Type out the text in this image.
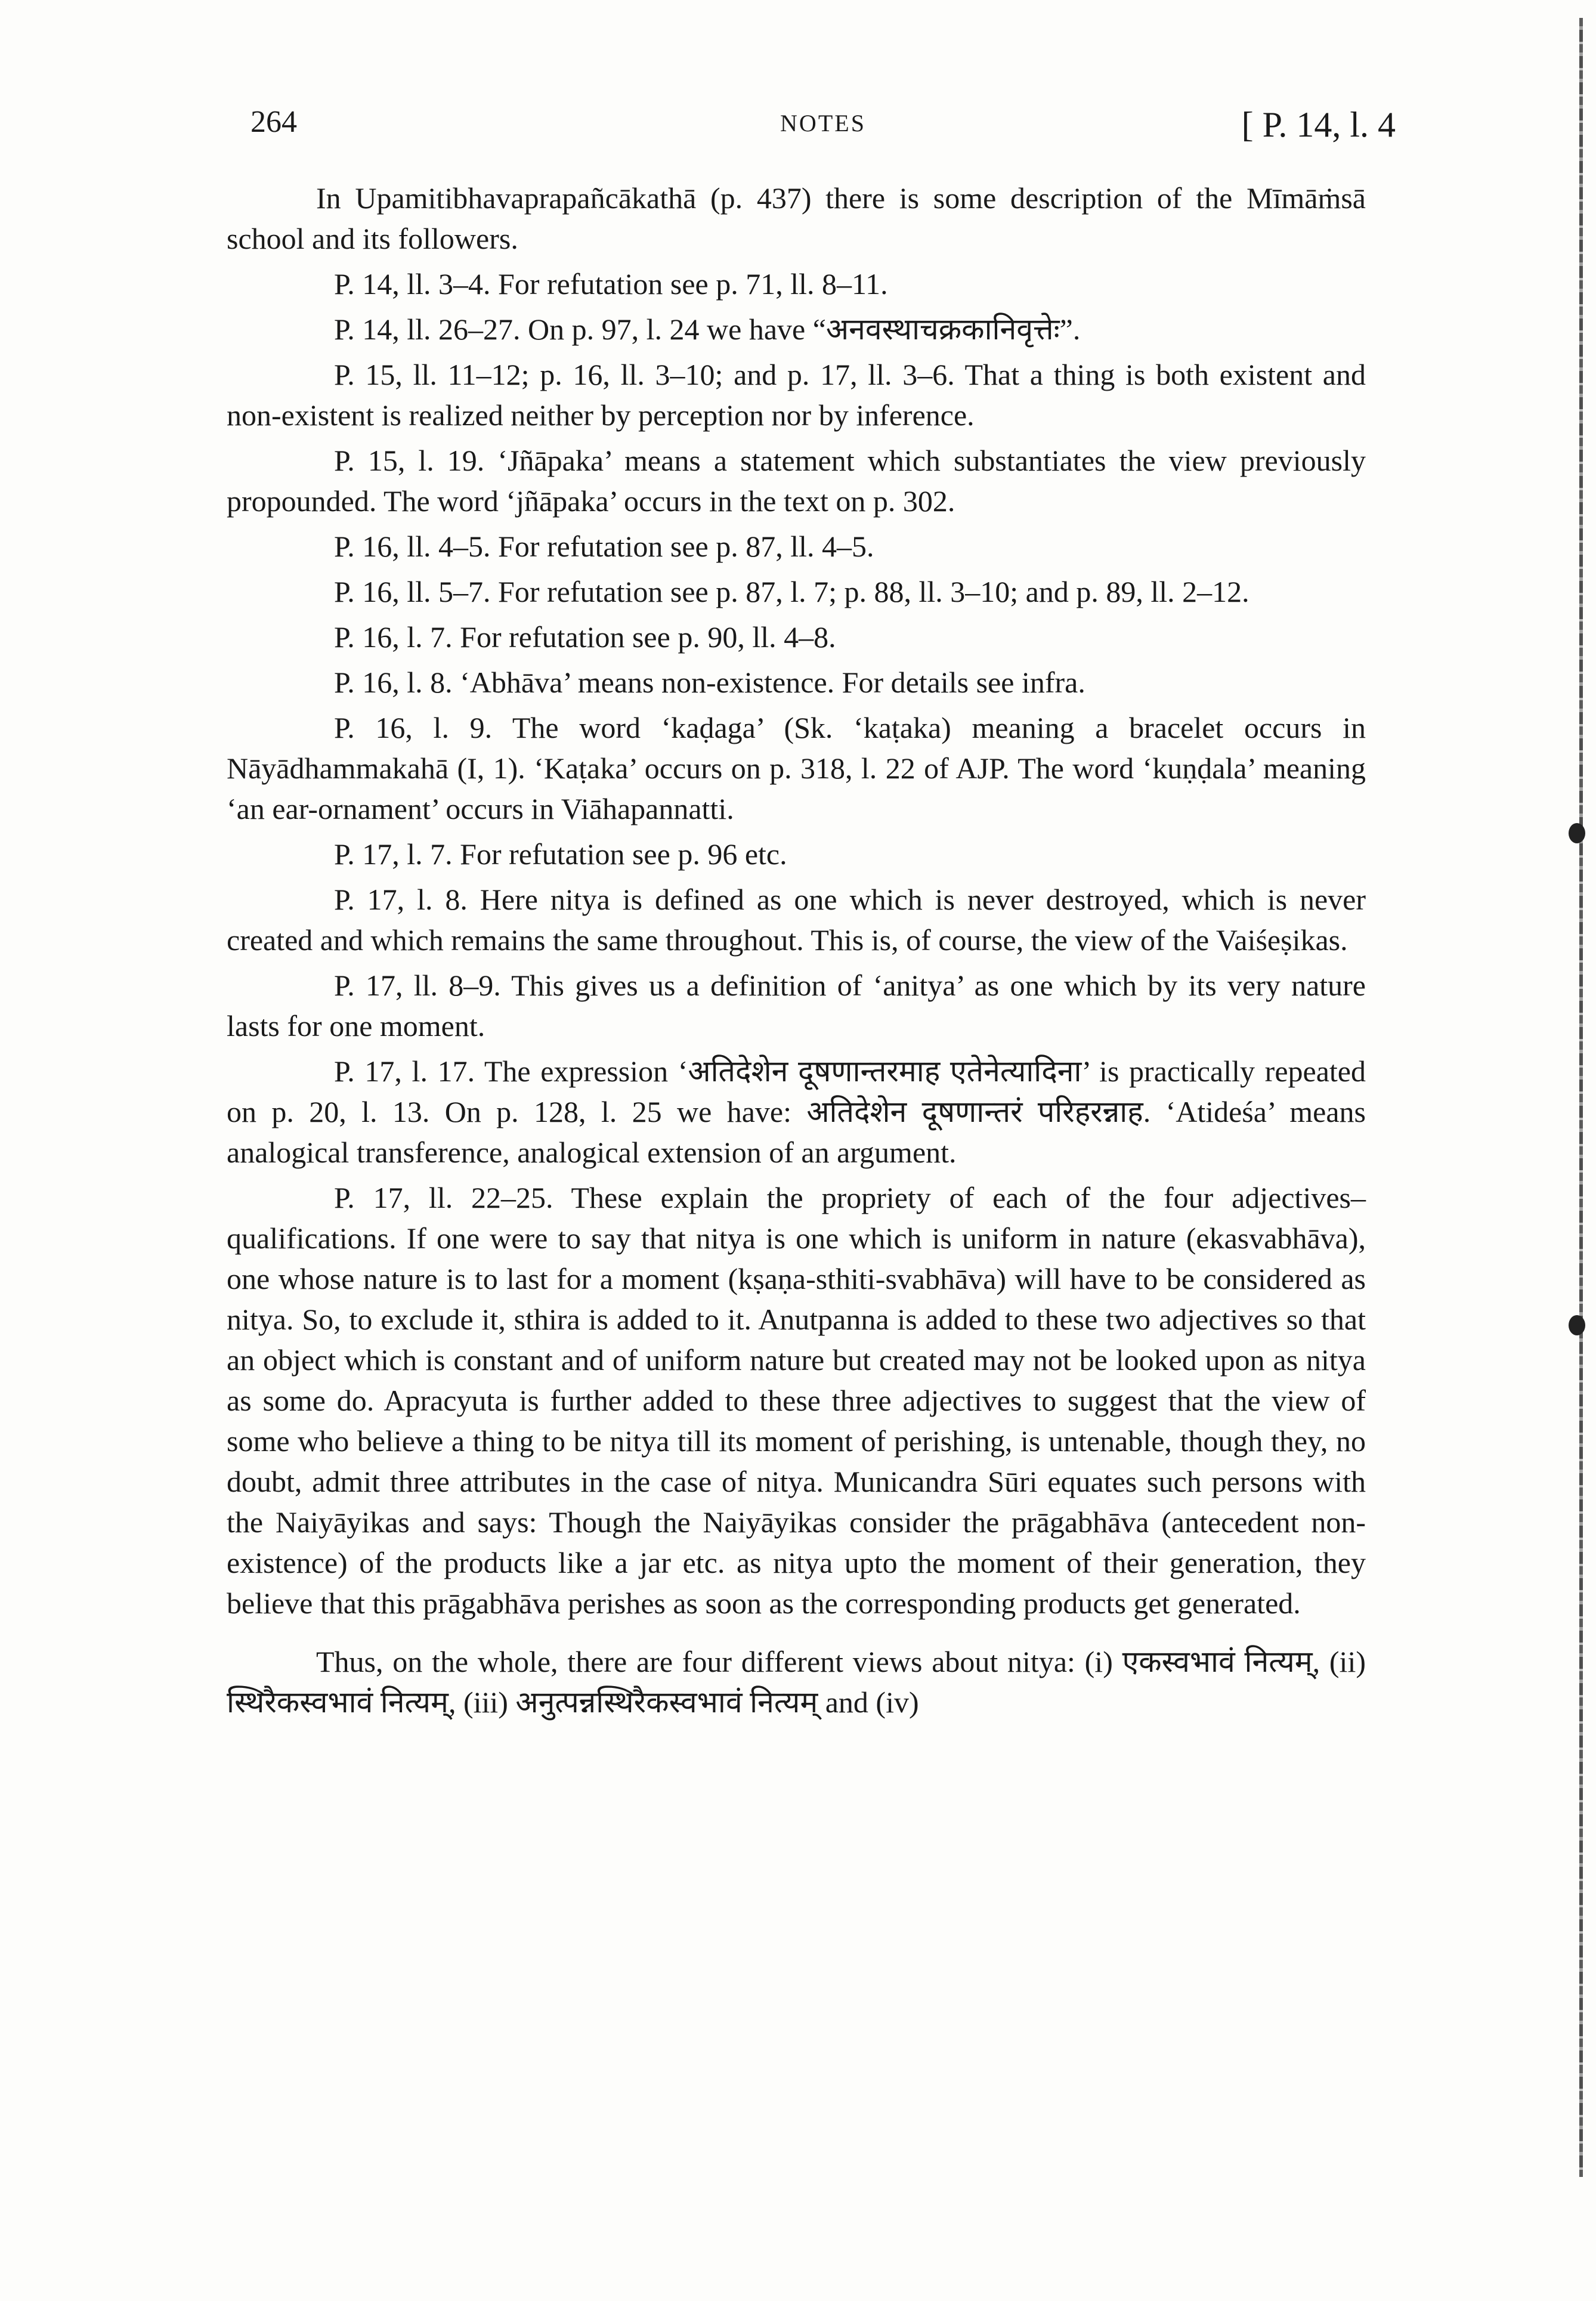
264	NOTES	[ P. 14, l. 4

In Upamitibhavaprapañcākathā (p. 437) there is some description of the Mīmāṁsā school and its followers.

P. 14, ll. 3–4. For refutation see p. 71, ll. 8–11.

P. 14, ll. 26–27. On p. 97, l. 24 we have “अनवस्थाचक्रकानिवृत्तेः”.

P. 15, ll. 11–12; p. 16, ll. 3–10; and p. 17, ll. 3–6. That a thing is both existent and non-existent is realized neither by perception nor by inference.

P. 15, l. 19. ‘Jñāpaka’ means a statement which substantiates the view previously propounded. The word ‘jñāpaka’ occurs in the text on p. 302.

P. 16, ll. 4–5. For refutation see p. 87, ll. 4–5.

P. 16, ll. 5–7. For refutation see p. 87, l. 7; p. 88, ll. 3–10; and p. 89, ll. 2–12.

P. 16, l. 7. For refutation see p. 90, ll. 4–8.

P. 16, l. 8. ‘Abhāva’ means non-existence. For details see infra.

P. 16, l. 9. The word ‘kaḍaga’ (Sk. ‘kaṭaka) meaning a bracelet occurs in Nāyādhammakahā (I, 1). ‘Kaṭaka’ occurs on p. 318, l. 22 of AJP. The word ‘kuṇḍala’ meaning ‘an ear-ornament’ occurs in Viāhapannatti.

P. 17, l. 7. For refutation see p. 96 etc.

P. 17, l. 8. Here nitya is defined as one which is never destroyed, which is never created and which remains the same throughout. This is, of course, the view of the Vaiśeṣikas.

P. 17, ll. 8–9. This gives us a definition of ‘anitya’ as one which by its very nature lasts for one moment.

P. 17, l. 17. The expression ‘अतिदेशेन दूषणान्तरमाह एतेनेत्यादिना’ is practically repeated on p. 20, l. 13. On p. 128, l. 25 we have: अतिदेशेन दूषणान्तरं परिहरन्नाह. ‘Atideśa’ means analogical transference, analogical extension of an argument.

P. 17, ll. 22–25. These explain the propriety of each of the four adjectives–qualifications. If one were to say that nitya is one which is uniform in nature (ekasvabhāva), one whose nature is to last for a moment (kṣaṇa-sthiti-svabhāva) will have to be considered as nitya. So, to exclude it, sthira is added to it. Anutpanna is added to these two adjectives so that an object which is constant and of uniform nature but created may not be looked upon as nitya as some do. Apracyuta is further added to these three adjectives to suggest that the view of some who believe a thing to be nitya till its moment of perishing, is untenable, though they, no doubt, admit three attributes in the case of nitya. Municandra Sūri equates such persons with the Naiyāyikas and says: Though the Naiyāyikas consider the prāgabhāva (antecedent non-existence) of the products like a jar etc. as nitya upto the moment of their generation, they believe that this prāgabhāva perishes as soon as the corresponding products get generated.

Thus, on the whole, there are four different views about nitya: (i) एकस्वभावं नित्यम्, (ii) स्थिरैकस्वभावं नित्यम्, (iii) अनुत्पन्नस्थिरैकस्वभावं नित्यम् and (iv)
